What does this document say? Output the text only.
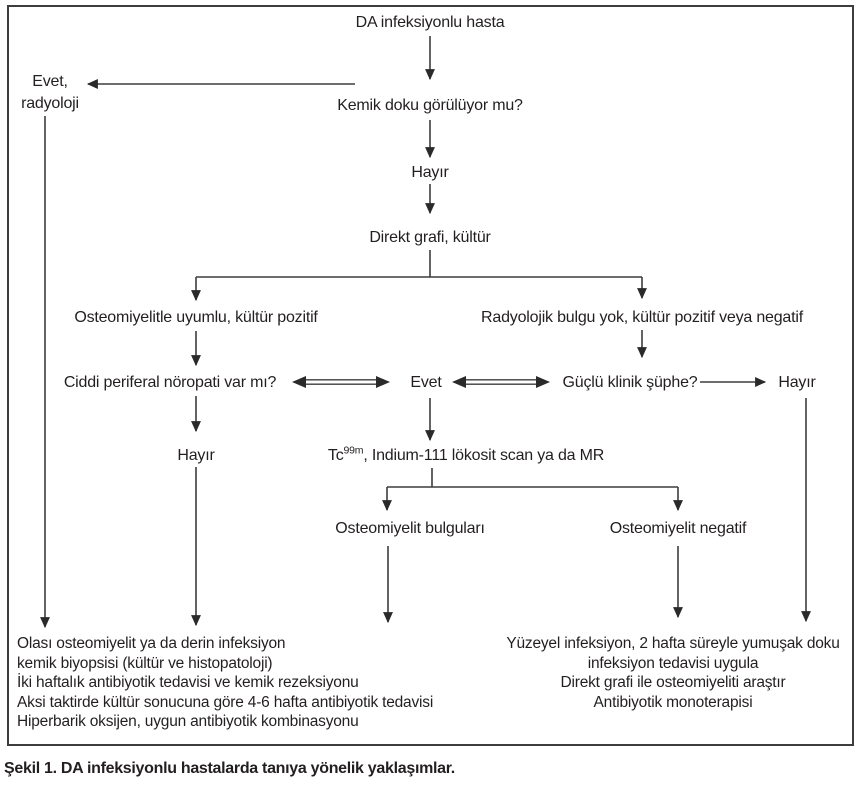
DA infeksiyonlu hasta
Evet,
radyoloji	Kemik doku görülüyor mu?
Hayır
Direkt grafi, kültür
Osteomiyelitle uyumlu, kültür pozitif	Radyolojik bulgu yok, kültür pozitif veya negatif
Ciddi periferal nöropati var mı?	Evet	Güçlü klinik şüphe?	Hayır
Hayır	$Tc^{99m}$, Indium-111 lökosit scan ya da MR
Osteomiyelit bulguları	Osteomiyelit negatif
Olası osteomiyelit ya da derin infeksiyon
kemik biyopsisi (kültür ve histopatoloji)
İki haftalık antibiyotik tedavisi ve kemik rezeksiyonu
Aksi taktirde kültür sonucuna göre 4-6 hafta antibiyotik tedavisi
Hiperbarik oksijen, uygun antibiyotik kombinasyonu
Yüzeyel infeksiyon, 2 hafta süreyle yumuşak doku
infeksiyon tedavisi uygula
Direkt grafi ile osteomiyeliti araştır
Antibiyotik monoterapisi
Şekil 1. DA infeksiyonlu hastalarda tanıya yönelik yaklaşımlar.
